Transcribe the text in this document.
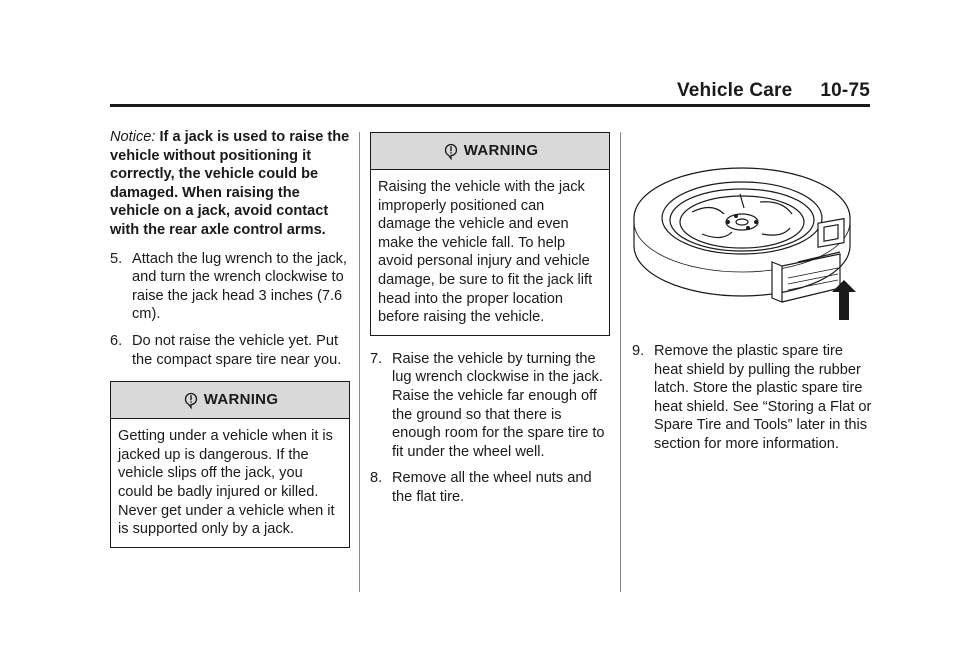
Vehicle Care 10-75

Notice: If a jack is used to raise the vehicle without positioning it correctly, the vehicle could be damaged. When raising the vehicle on a jack, avoid contact with the rear axle control arms.

5. Attach the lug wrench to the jack, and turn the wrench clockwise to raise the jack head 3 inches (7.6 cm).
6. Do not raise the vehicle yet. Put the compact spare tire near you.
WARNING
Getting under a vehicle when it is jacked up is dangerous. If the vehicle slips off the jack, you could be badly injured or killed. Never get under a vehicle when it is supported only by a jack.
WARNING
Raising the vehicle with the jack improperly positioned can damage the vehicle and even make the vehicle fall. To help avoid personal injury and vehicle damage, be sure to fit the jack lift head into the proper location before raising the vehicle.
7. Raise the vehicle by turning the lug wrench clockwise in the jack. Raise the vehicle far enough off the ground so that there is enough room for the spare tire to fit under the wheel well.
8. Remove all the wheel nuts and the flat tire.
9. Remove the plastic spare tire heat shield by pulling the rubber latch. Store the plastic spare tire heat shield. See “Storing a Flat or Spare Tire and Tools” later in this section for more information.
